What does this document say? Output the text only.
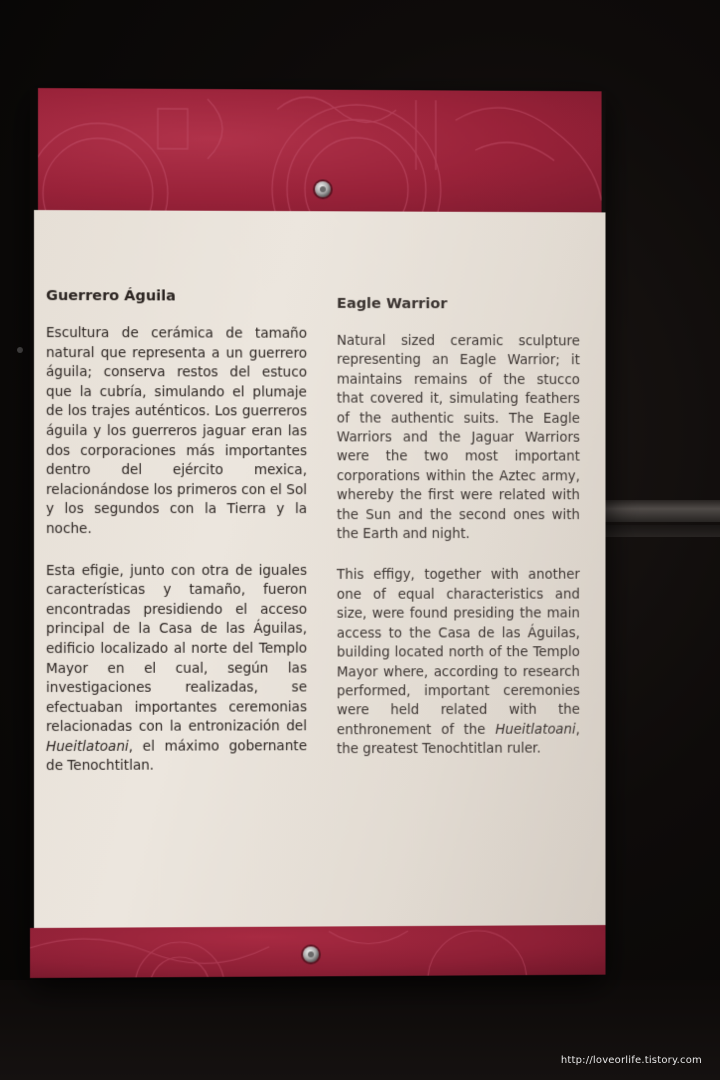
Guerrero Águila

Escultura de cerámica de tamaño natural que representa a un guerrero águila; conserva restos del estuco que la cubría, simulando el plumaje de los trajes auténticos. Los guerreros águila y los guerreros jaguar eran las dos corporaciones más importantes dentro del ejército mexica, relacionándose los primeros con el Sol y los segundos con la Tierra y la noche.

Esta efigie, junto con otra de iguales características y tamaño, fueron encontradas presidiendo el acceso principal de la Casa de las Águilas, edificio localizado al norte del Templo Mayor en el cual, según las investigaciones realizadas, se efectuaban importantes ceremonias relacionadas con la entronización del Hueitlatoani, el máximo gobernante de Tenochtitlan.

Eagle Warrior

Natural sized ceramic sculpture representing an Eagle Warrior; it maintains remains of the stucco that covered it, simulating feathers of the authentic suits. The Eagle Warriors and the Jaguar Warriors were the two most important corporations within the Aztec army, whereby the first were related with the Sun and the second ones with the Earth and night.

This effigy, together with another one of equal characteristics and size, were found presiding the main access to the Casa de las Águilas, building located north of the Templo Mayor where, according to research performed, important ceremonies were held related with the enthronement of the Hueitlatoani, the greatest Tenochtitlan ruler.

http://loveorlife.tistory.com
